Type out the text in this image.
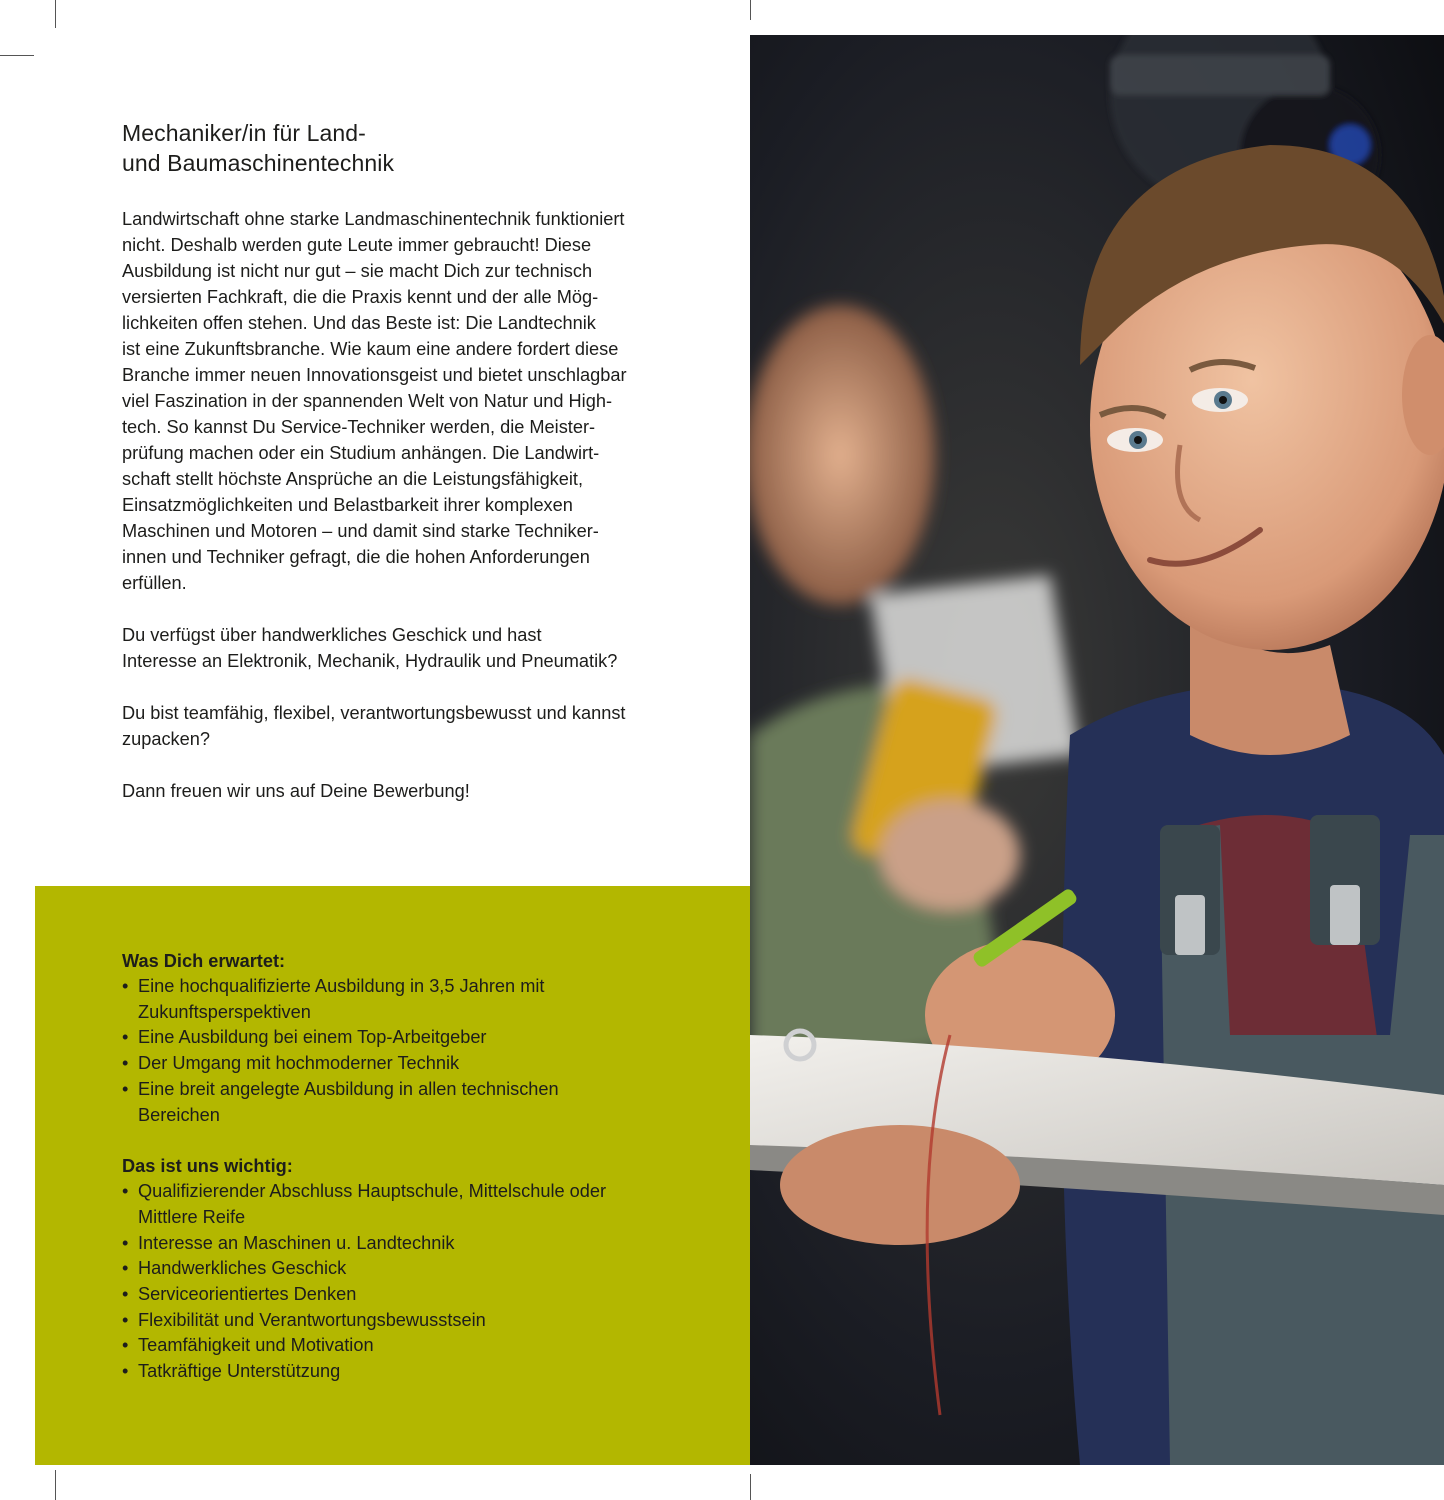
Mechaniker/in für Land-
und Baumaschinentechnik
Landwirtschaft ohne starke Landmaschinentechnik funktioniert
nicht. Deshalb werden gute Leute immer gebraucht! Diese
Ausbildung ist nicht nur gut – sie macht Dich zur technisch
versierten Fachkraft, die die Praxis kennt und der alle Mög-
lichkeiten offen stehen. Und das Beste ist: Die Landtechnik
ist eine Zukunftsbranche. Wie kaum eine andere fordert diese
Branche immer neuen Innovationsgeist und bietet unschlagbar
viel Faszination in der spannenden Welt von Natur und High-
tech. So kannst Du Service-Techniker werden, die Meister-
prüfung machen oder ein Studium anhängen. Die Landwirt-
schaft stellt höchste Ansprüche an die Leistungsfähigkeit,
Einsatzmöglichkeiten und Belastbarkeit ihrer komplexen
Maschinen und Motoren – und damit sind starke Techniker-
innen und Techniker gefragt, die die hohen Anforderungen
erfüllen.
Du verfügst über handwerkliches Geschick und hast
Interesse an Elektronik, Mechanik, Hydraulik und Pneumatik?
Du bist teamfähig, flexibel, verantwortungsbewusst und kannst
zupacken?
Dann freuen wir uns auf Deine Bewerbung!
Was Dich erwartet:
• Eine hochqualifizierte Ausbildung in 3,5 Jahren mit
Zukunftsperspektiven
• Eine Ausbildung bei einem Top-Arbeitgeber
• Der Umgang mit hochmoderner Technik
• Eine breit angelegte Ausbildung in allen technischen
Bereichen
Das ist uns wichtig:
• Qualifizierender Abschluss Hauptschule, Mittelschule oder
Mittlere Reife
• Interesse an Maschinen u. Landtechnik
• Handwerkliches Geschick
• Serviceorientiertes Denken
• Flexibilität und Verantwortungsbewusstsein
• Teamfähigkeit und Motivation
• Tatkräftige Unterstützung
